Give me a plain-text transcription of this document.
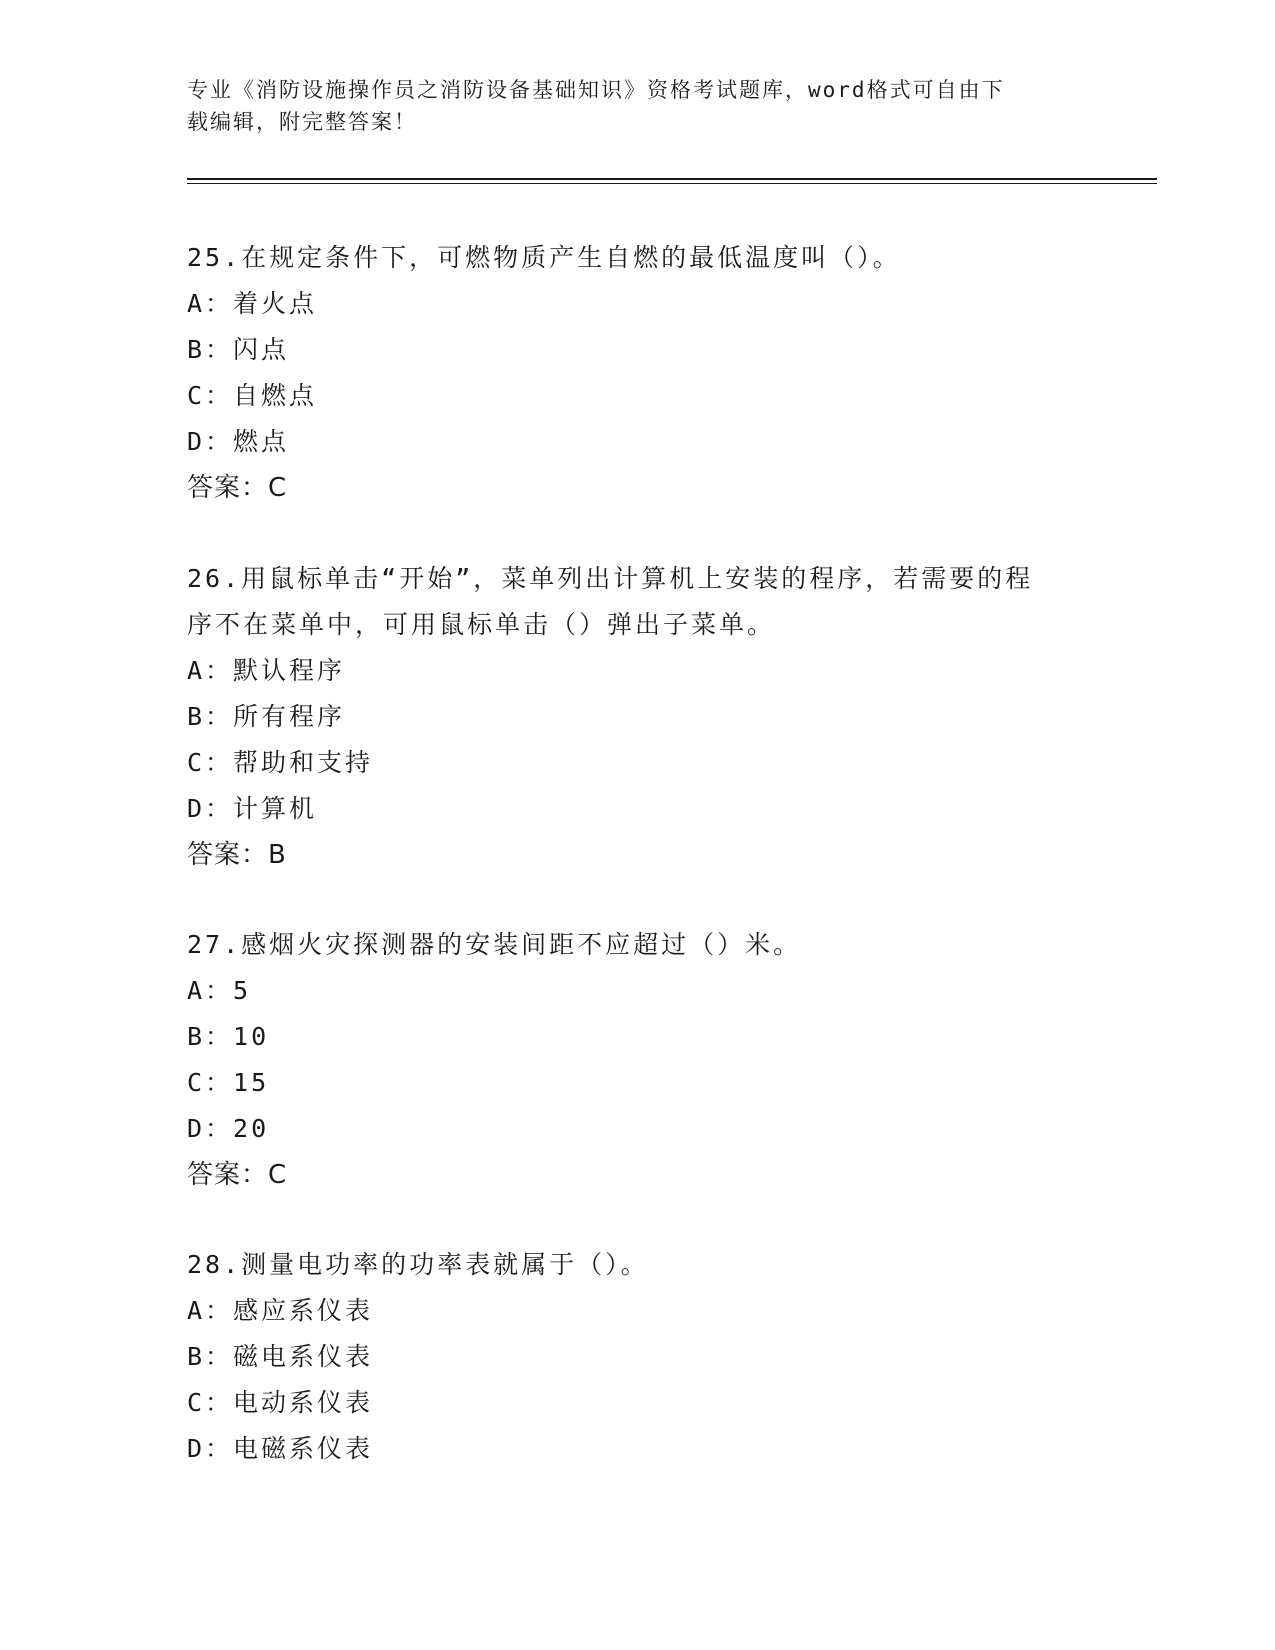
专业《消防设施操作员之消防设备基础知识》资格考试题库，word格式可自由下
载编辑，附完整答案！

25.在规定条件下，可燃物质产生自燃的最低温度叫（）。

A：着火点

B：闪点

C：自燃点

D：燃点

答案：C

26.用鼠标单击“开始”，菜单列出计算机上安装的程序，若需要的程

序不在菜单中，可用鼠标单击（）弹出子菜单。

A：默认程序

B：所有程序

C：帮助和支持

D：计算机

答案：B

27.感烟火灾探测器的安装间距不应超过（）米。

A：5

B：10

C：15

D：20

答案：C

28.测量电功率的功率表就属于（）。

A：感应系仪表

B：磁电系仪表

C：电动系仪表

D：电磁系仪表
